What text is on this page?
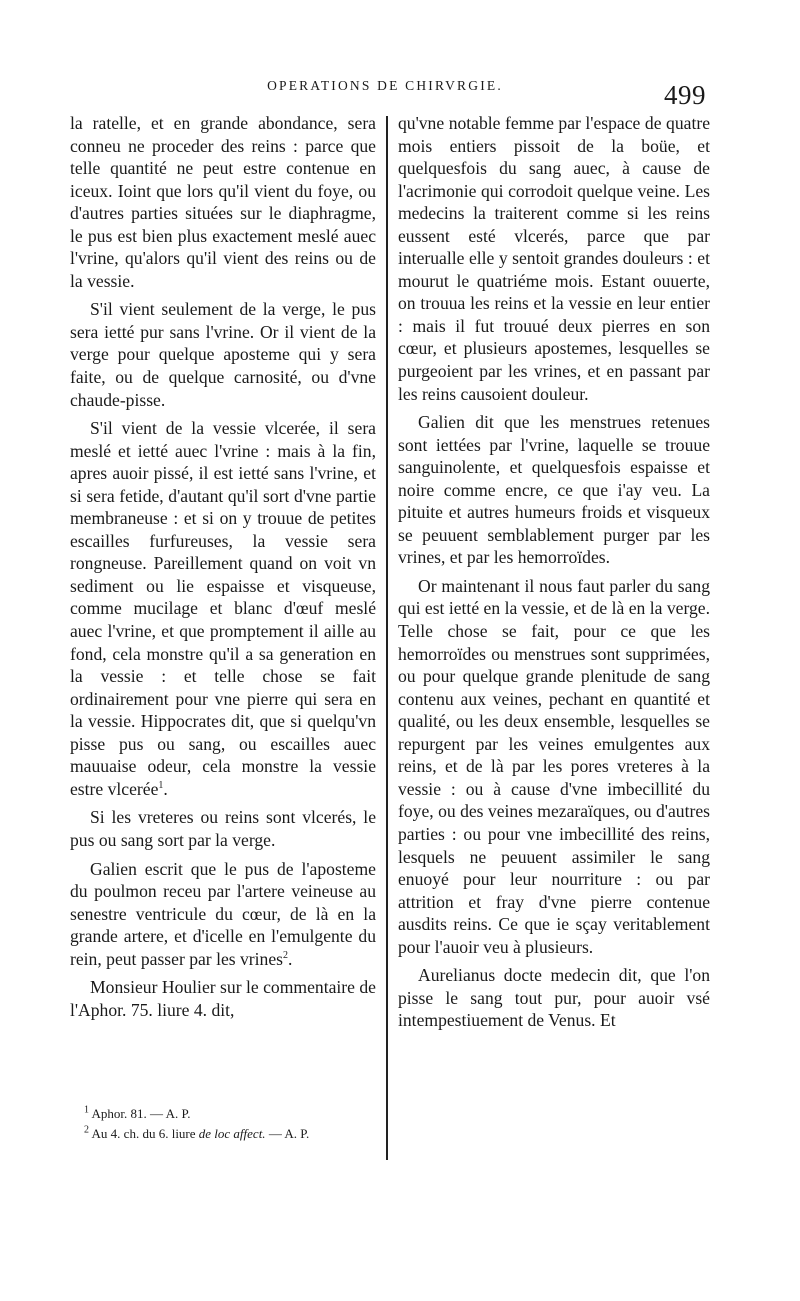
OPERATIONS DE CHIRVRGIE.	499

la ratelle, et en grande abondance, sera conneu ne proceder des reins : parce que telle quantité ne peut estre contenue en iceux. Ioint que lors qu'il vient du foye, ou d'autres parties situées sur le diaphragme, le pus est bien plus exactement meslé auec l'vrine, qu'alors qu'il vient des reins ou de la vessie.

S'il vient seulement de la verge, le pus sera ietté pur sans l'vrine. Or il vient de la verge pour quelque aposteme qui y sera faite, ou de quelque carnosité, ou d'vne chaude-pisse.

S'il vient de la vessie vlcerée, il sera meslé et ietté auec l'vrine : mais à la fin, apres auoir pissé, il est ietté sans l'vrine, et si sera fetide, d'autant qu'il sort d'vne partie membraneuse : et si on y trouue de petites escailles furfureuses, la vessie sera rongneuse. Pareillement quand on voit vn sediment ou lie espaisse et visqueuse, comme mucilage et blanc d'œuf meslé auec l'vrine, et que promptement il aille au fond, cela monstre qu'il a sa generation en la vessie : et telle chose se fait ordinairement pour vne pierre qui sera en la vessie. Hippocrates dit, que si quelqu'vn pisse pus ou sang, ou escailles auec mauuaise odeur, cela monstre la vessie estre vlcerée$^1$.

Si les vreteres ou reins sont vlcerés, le pus ou sang sort par la verge.

Galien escrit que le pus de l'aposteme du poulmon receu par l'artere veineuse au senestre ventricule du cœur, de là en la grande artere, et d'icelle en l'emulgente du rein, peut passer par les vrines$^2$.

Monsieur Houlier sur le commentaire de l'Aphor. 75. liure 4. dit,

qu'vne notable femme par l'espace de quatre mois entiers pissoit de la boüe, et quelquesfois du sang auec, à cause de l'acrimonie qui corrodoit quelque veine. Les medecins la traiterent comme si les reins eussent esté vlcerés, parce que par interualle elle y sentoit grandes douleurs : et mourut le quatriéme mois. Estant ouuerte, on trouua les reins et la vessie en leur entier : mais il fut trouué deux pierres en son cœur, et plusieurs apostemes, lesquelles se purgeoient par les vrines, et en passant par les reins causoient douleur.

Galien dit que les menstrues retenues sont iettées par l'vrine, laquelle se trouue sanguinolente, et quelquesfois espaisse et noire comme encre, ce que i'ay veu. La pituite et autres humeurs froids et visqueux se peuuent semblablement purger par les vrines, et par les hemorroïdes.

Or maintenant il nous faut parler du sang qui est ietté en la vessie, et de là en la verge. Telle chose se fait, pour ce que les hemorroïdes ou menstrues sont supprimées, ou pour quelque grande plenitude de sang contenu aux veines, pechant en quantité et qualité, ou les deux ensemble, lesquelles se repurgent par les veines emulgentes aux reins, et de là par les pores vreteres à la vessie : ou à cause d'vne imbecillité du foye, ou des veines mezaraïques, ou d'autres parties : ou pour vne imbecillité des reins, lesquels ne peuuent assimiler le sang enuoyé pour leur nourriture : ou par attrition et fray d'vne pierre contenue ausdits reins. Ce que ie sçay veritablement pour l'auoir veu à plusieurs.

Aurelianus docte medecin dit, que l'on pisse le sang tout pur, pour auoir vsé intempestiuement de Venus. Et

$^1$ Aphor. 81. — A. P.
$^2$ Au 4. ch. du 6. liure de loc affect. — A. P.
